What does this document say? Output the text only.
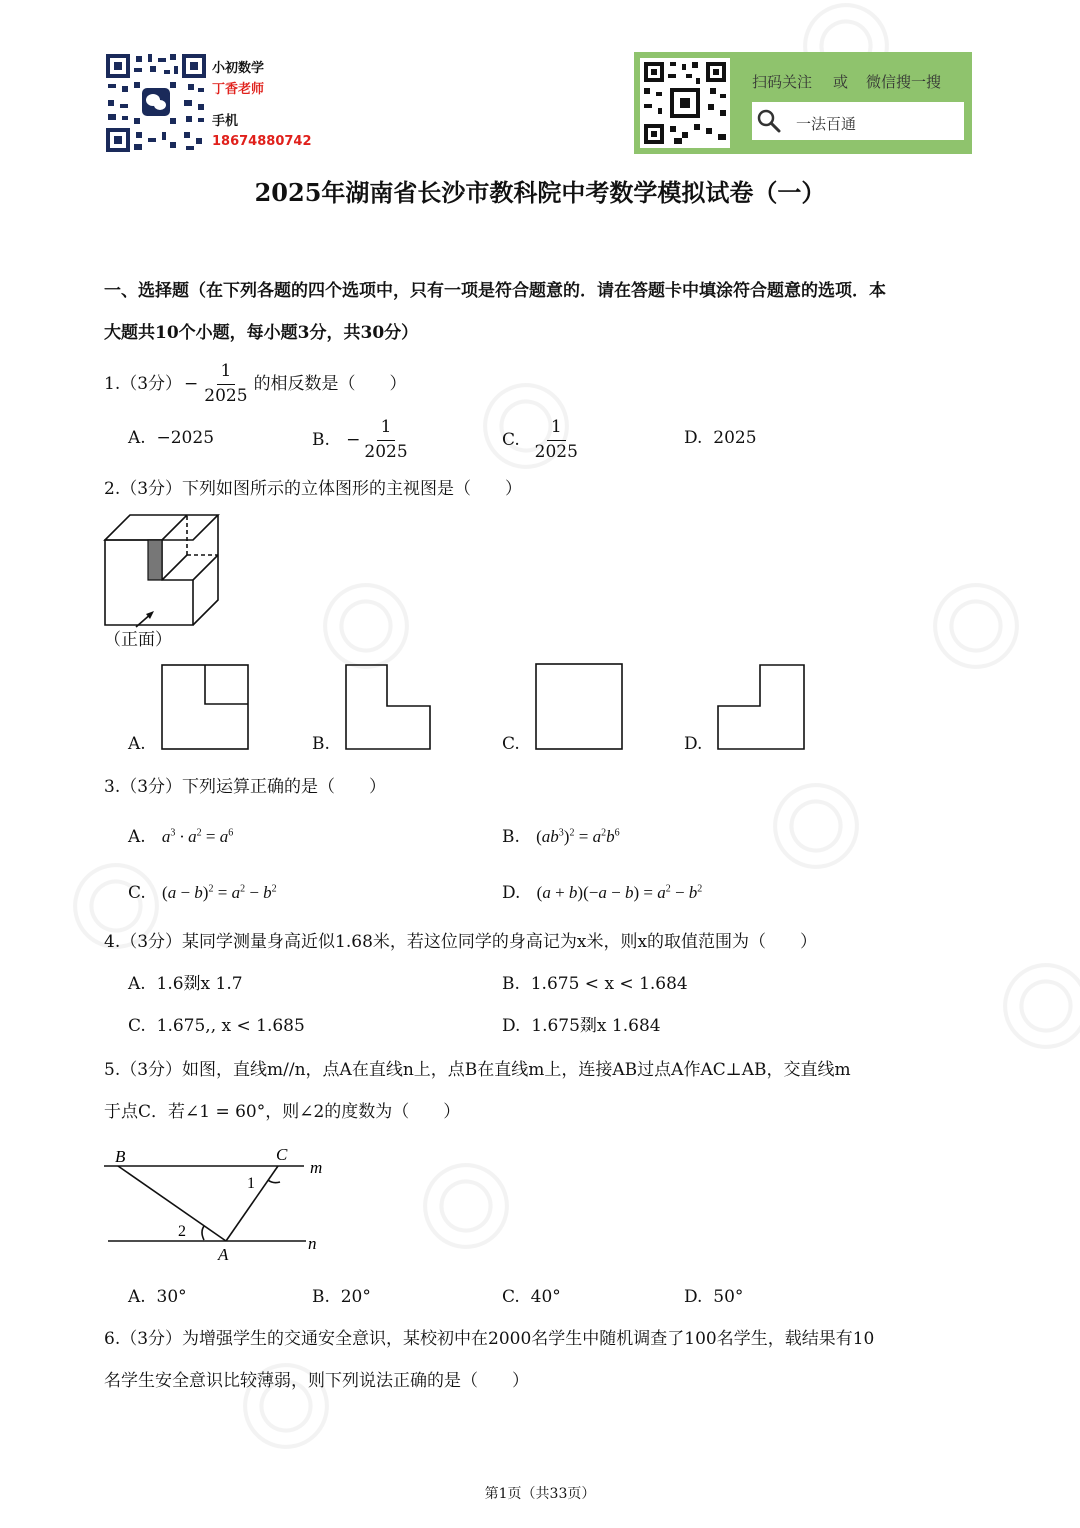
小初数学
丁香老师
手机
18674880742
扫码关注 或 微信搜一搜
一法百通
2025年湖南省长沙市教科院中考数学模拟试卷（一）
一、选择题（在下列各题的四个选项中，只有一项是符合题意的．请在答题卡中填涂符合题意的选项．本
大题共10个小题，每小题3分，共30分）
1.（3分） − $\frac{1}{2025}$ 的相反数是（　　）
A. −2025	B.
− $\frac{1}{2025}$	C.
$\frac{1}{2025}$	D. 2025
2.（3分）下列如图所示的立体图形的主视图是（　　）
（正面）
A.	B.	C.	D.
3.（3分）下列运算正确的是（　　）
A. $a^3 \cdot a^2 = a^6$	B. $(ab^3)^2 = a^2b^6$
C. $(a - b)^2 = a^2 - b^2$	D. $(a + b)(-a - b) = a^2 - b^2$
4.（3分）某同学测量身高近似1.68米，若这位同学的身高记为x米，则x的取值范围为（　　）
A. 1.6剟x 1.7	B. 1.675 < x < 1.684
C. 1.675,, x < 1.685	D. 1.675剟x 1.684
5.（3分）如图，直线m//n，点A在直线n上，点B在直线m上，连接AB过点A作AC⊥AB，交直线m
于点C．若∠1 = 60°，则∠2的度数为（　　）
B	C
m
n
A
1
2
A. 30°	B. 20°	C. 40°	D. 50°
6.（3分）为增强学生的交通安全意识，某校初中在2000名学生中随机调查了100名学生，载结果有10
名学生安全意识比较薄弱，则下列说法正确的是（　　）
第1页（共33页）
